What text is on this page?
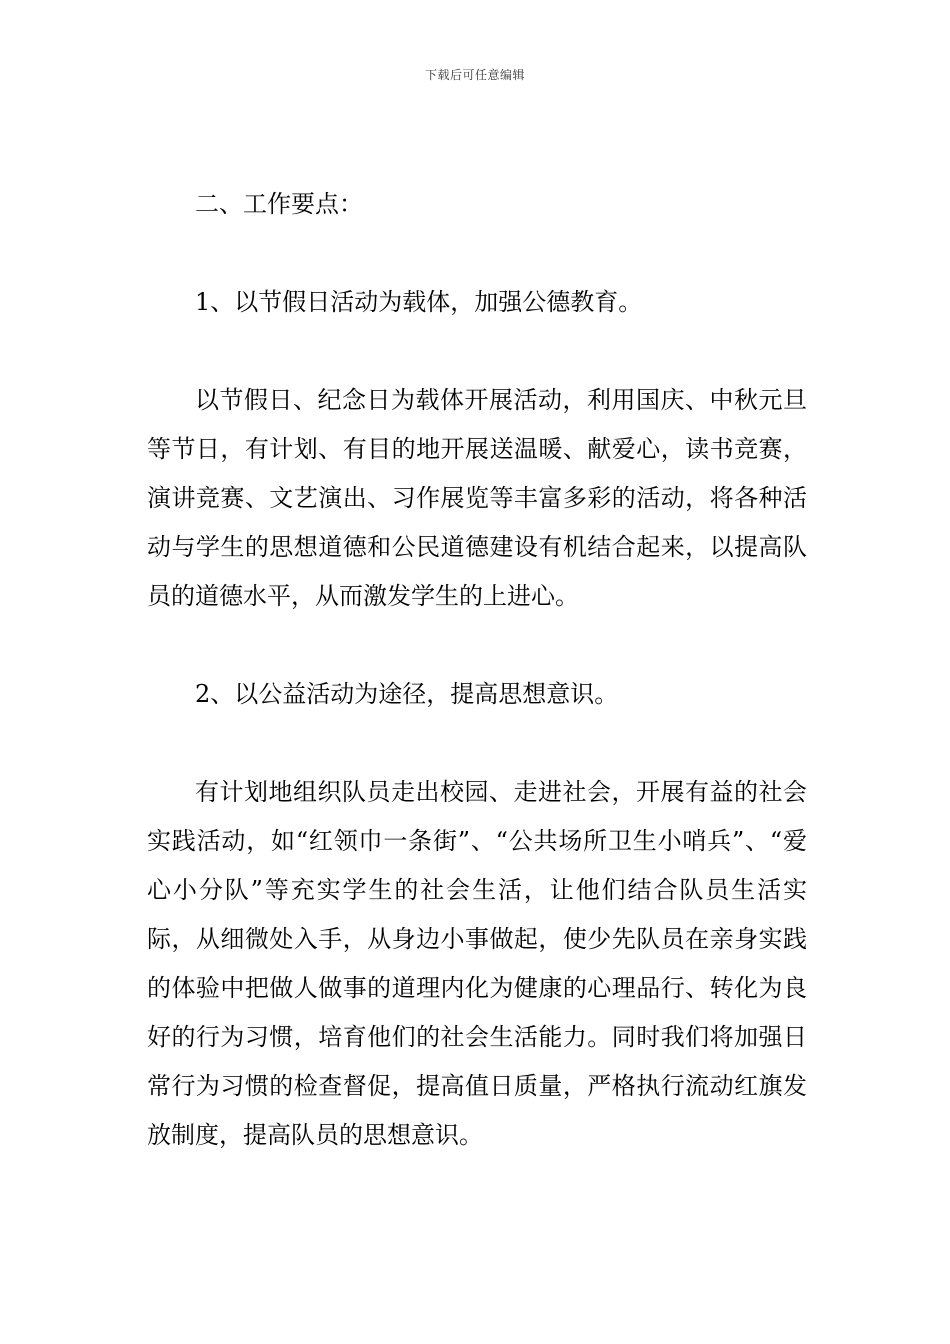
下载后可任意编辑

二、工作要点：

1、以节假日活动为载体，加强公德教育。

以节假日、纪念日为载体开展活动，利用国庆、中秋元旦等节日，有计划、有目的地开展送温暖、献爱心，读书竞赛，演讲竞赛、文艺演出、习作展览等丰富多彩的活动，将各种活动与学生的思想道德和公民道德建设有机结合起来，以提高队员的道德水平，从而激发学生的上进心。

2、以公益活动为途径，提高思想意识。

有计划地组织队员走出校园、走进社会，开展有益的社会实践活动，如“红领巾一条街”、“公共场所卫生小哨兵”、“爱心小分队”等充实学生的社会生活，让他们结合队员生活实际，从细微处入手，从身边小事做起，使少先队员在亲身实践的体验中把做人做事的道理内化为健康的心理品行、转化为良好的行为习惯，培育他们的社会生活能力。同时我们将加强日常行为习惯的检查督促，提高值日质量，严格执行流动红旗发放制度，提高队员的思想意识。
